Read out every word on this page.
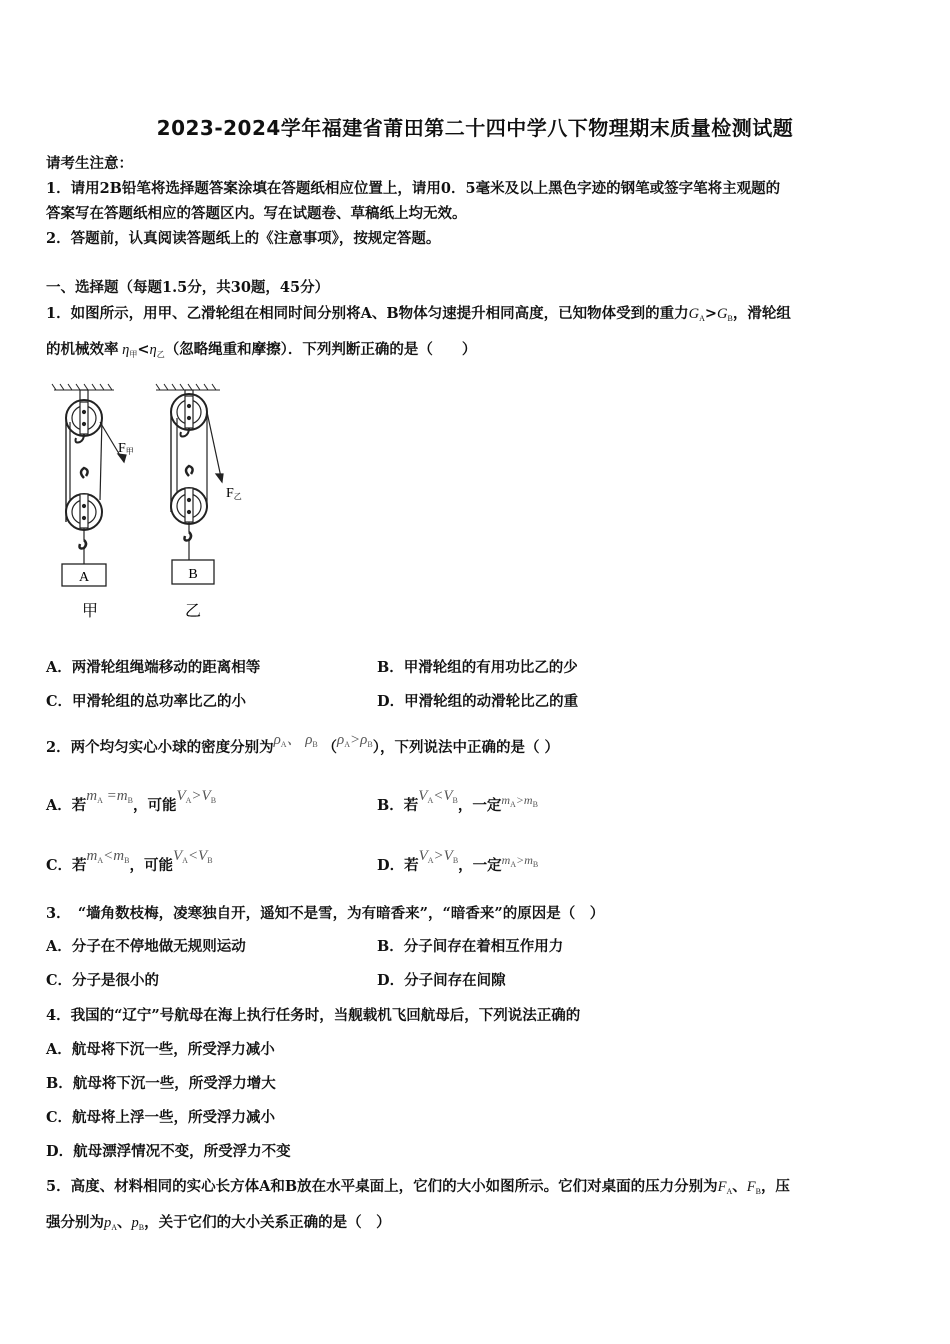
2023-2024学年福建省莆田第二十四中学八下物理期末质量检测试题
请考生注意：
1．请用2B铅笔将选择题答案涂填在答题纸相应位置上，请用0．5毫米及以上黑色字迹的钢笔或签字笔将主观题的
答案写在答题纸相应的答题区内。写在试题卷、草稿纸上均无效。
2．答题前，认真阅读答题纸上的《注意事项》，按规定答题。
一、选择题（每题1.5分，共30题，45分）
1．如图所示，用甲、乙滑轮组在相同时间分别将A、B物体匀速提升相同高度，已知物体受到的重力$G_A>G_B$，滑轮组
的机械效率  $\eta_甲<\eta_乙$（忽略绳重和摩擦）．下列判断正确的是（　　）
A
F甲
甲
B
F乙
乙
A．两滑轮组绳端移动的距离相等	B．甲滑轮组的有用功比乙的少
C．甲滑轮组的总功率比乙的小	D．甲滑轮组的动滑轮比乙的重
2．两个均匀实心小球的密度分别为$\rho_A$、  $\rho_B$  $(\rho_A>\rho_B)$，下列说法中正确的是（ ）
A．若$m_A =m_B$，可能$V_A>V_B$	B．若$V_A<V_B$，一定$^{m_A>m_B}$
C．若$m_A<m_B$，可能$V_A<V_B$	D．若$V_A>V_B$，一定$^{m_A>m_B}$
3．　“墙角数枝梅，凌寒独自开，遥知不是雪，为有暗香来”，“暗香来”的原因是（　）
A．分子在不停地做无规则运动	B．分子间存在着相互作用力
C．分子是很小的	D．分子间存在间隙
4．我国的“辽宁”号航母在海上执行任务时，当舰载机飞回航母后，下列说法正确的
A．航母将下沉一些，所受浮力减小
B．航母将下沉一些，所受浮力增大
C．航母将上浮一些，所受浮力减小
D．航母漂浮情况不变，所受浮力不变
5．高度、材料相同的实心长方体A和B放在水平桌面上，它们的大小如图所示。它们对桌面的压力分别为$F_A$、$F_B$，压
强分别为$p_A$、$p_B$，关于它们的大小关系正确的是（　）
